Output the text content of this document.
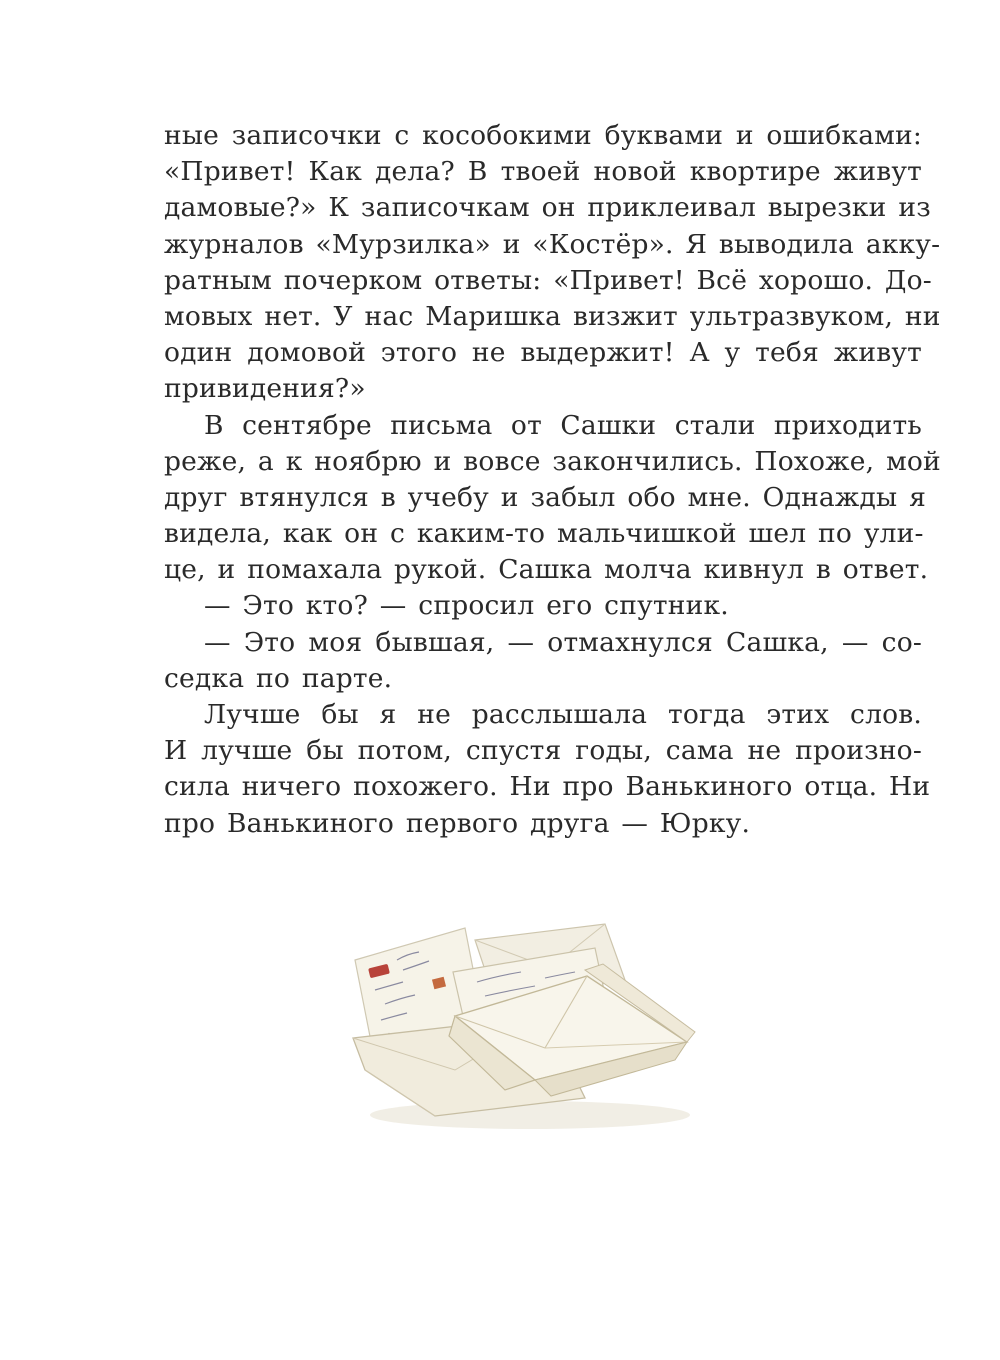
ные записочки с кособокими буквами и ошибками:
«Привет! Как дела? В твоей новой квортире живут
дамовые?» К записочкам он приклеивал вырезки из
журналов «Мурзилка» и «Костёр». Я выводила акку-
ратным почерком ответы: «Привет! Всё хорошо. До-
мовых нет. У нас Маришка визжит ультразвуком, ни
один домовой этого не выдержит! А у тебя живут
привидения?»
В сентябре письма от Сашки стали приходить
реже, а к ноябрю и вовсе закончились. Похоже, мой
друг втянулся в учебу и забыл обо мне. Однажды я
видела, как он с каким-то мальчишкой шел по ули-
це, и помахала рукой. Сашка молча кивнул в ответ.
— Это кто? — спросил его спутник.
— Это моя бывшая, — отмахнулся Сашка, — со-
седка по парте.
Лучше бы я не расслышала тогда этих слов.
И лучше бы потом, спустя годы, сама не произно-
сила ничего похожего. Ни про Ванькиного отца. Ни
про Ванькиного первого друга — Юрку.
